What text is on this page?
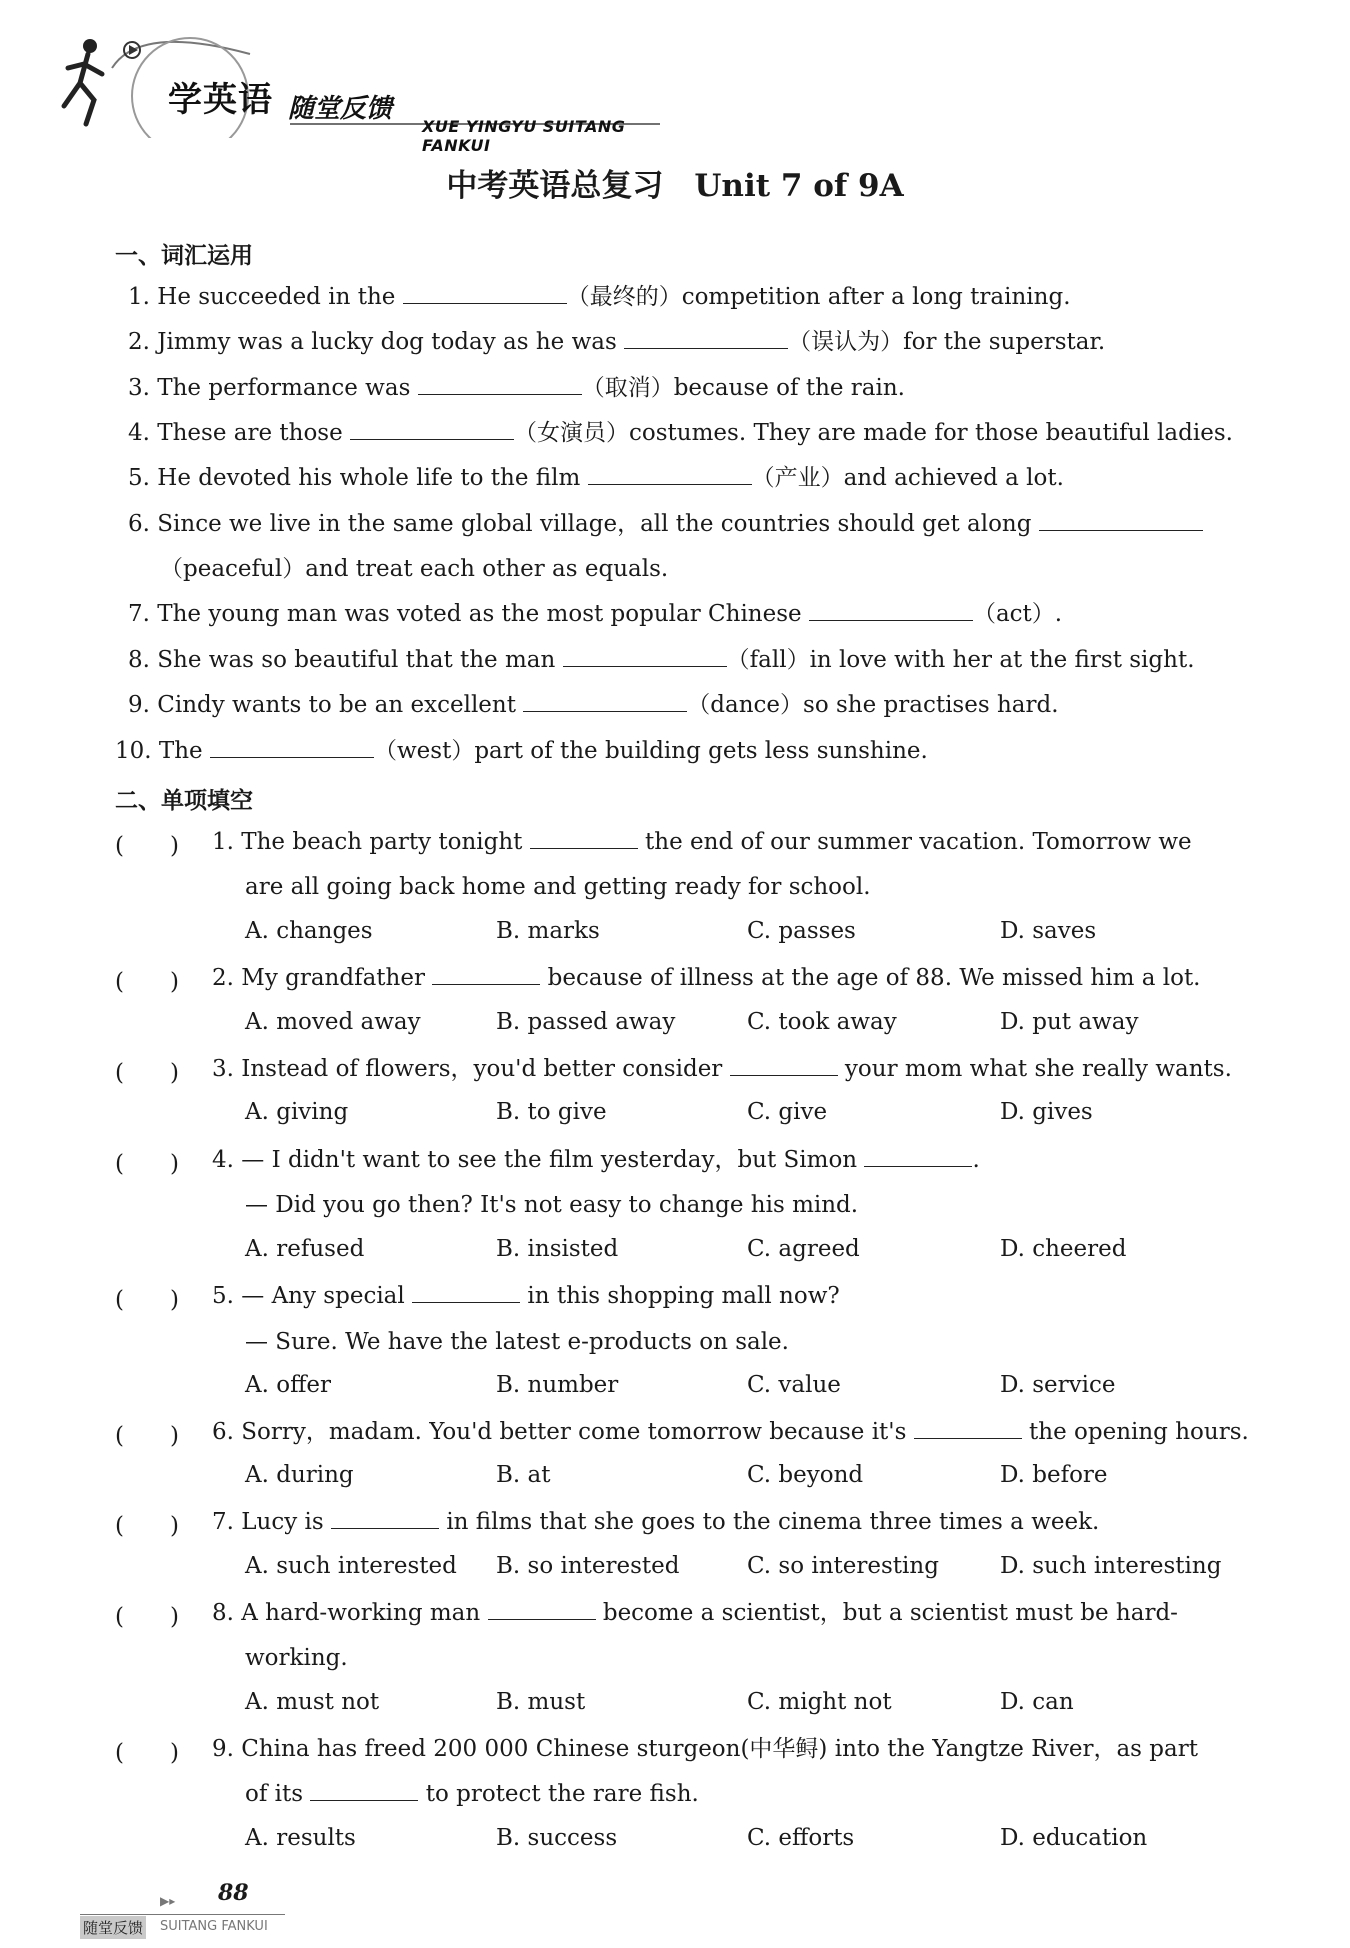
学英语 随堂反馈
XUE YINGYU SUITANG FANKUI
中考英语总复习　Unit 7 of 9A
一、词汇运用
1. He succeeded in the	（最终的）competition after a long training.
2. Jimmy was a lucky dog today as he was	（误认为）for the superstar.
3. The performance was	（取消）because of the rain.
4. These are those	（女演员）costumes. They are made for those beautiful ladies.
5. He devoted his whole life to the film	（产业）and achieved a lot.
6. Since we live in the same global village，all the countries should get along
（peaceful）and treat each other as equals.
7. The young man was voted as the most popular Chinese	（act）.
8. She was so beautiful that the man	（fall）in love with her at the first sight.
9. Cindy wants to be an excellent	（dance）so she practises hard.
10. The	（west）part of the building gets less sunshine.
二、单项填空
(　　) 1. The beach party tonight	the end of our summer vacation. Tomorrow we
are all going back home and getting ready for school.
A. changes	B. marks	C. passes	D. saves
(　　) 2. My grandfather	because of illness at the age of 88. We missed him a lot.
A. moved away	B. passed away	C. took away	D. put away
(　　) 3. Instead of flowers，you'd better consider	your mom what she really wants.
A. giving	B. to give	C. give	D. gives
(　　) 4. — I didn't want to see the film yesterday，but Simon	.
— Did you go then? It's not easy to change his mind.
A. refused	B. insisted	C. agreed	D. cheered
(　　) 5. — Any special	in this shopping mall now?
— Sure. We have the latest e-products on sale.
A. offer	B. number	C. value	D. service
(　　) 6. Sorry，madam. You'd better come tomorrow because it's	the opening hours.
A. during	B. at	C. beyond	D. before
(　　) 7. Lucy is	in films that she goes to the cinema three times a week.
A. such interested B. so interested	C. so interesting	D. such interesting
(　　) 8. A hard-working man	become a scientist，but a scientist must be hard-
working.
A. must not	B. must	C. might not	D. can
(　　) 9. China has freed 200 000 Chinese sturgeon(中华鲟) into the Yangtze River，as part
of its	to protect the rare fish.
A. results	B. success	C. efforts	D. education
▶▸ 88
随堂反馈 SUITANG FANKUI
